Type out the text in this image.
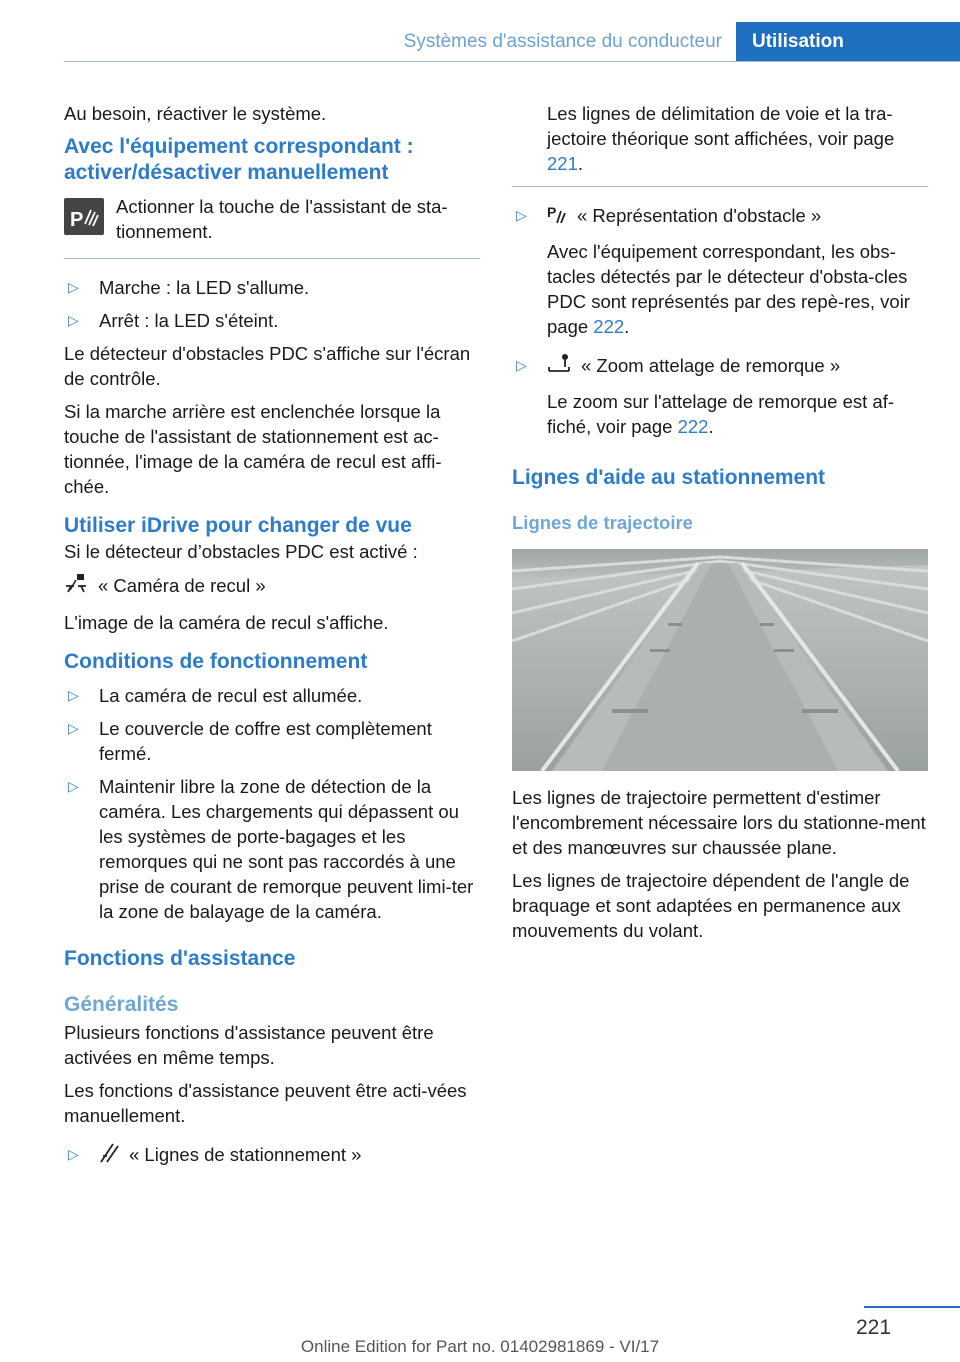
Systèmes d'assistance du conducteur	Utilisation

Au besoin, réactiver le système.

Avec l'équipement correspondant : activer/désactiver manuellement
P
Actionner la touche de l'assistant de sta‐tionnement.
▷ Marche : la LED s'allume.
▷ Arrêt : la LED s'éteint.

Le détecteur d'obstacles PDC s'affiche sur l'écran de contrôle.

Si la marche arrière est enclenchée lorsque la touche de l'assistant de stationnement est ac‐tionnée, l'image de la caméra de recul est affi‐chée.

Utiliser iDrive pour changer de vue

Si le détecteur d’obstacles PDC est activé :

« Caméra de recul »

L'image de la caméra de recul s'affiche.

Conditions de fonctionnement
▷ La caméra de recul est allumée.
▷ Le couvercle de coffre est complètement fermé.
▷ Maintenir libre la zone de détection de la caméra. Les chargements qui dépassent ou les systèmes de porte-bagages et les remorques qui ne sont pas raccordés à une prise de courant de remorque peuvent limi‐ter la zone de balayage de la caméra.
Fonctions d'assistance
Généralités

Plusieurs fonctions d'assistance peuvent être activées en même temps.

Les fonctions d'assistance peuvent être acti‐vées manuellement.

▷	« Lignes de stationnement »

Les lignes de délimitation de voie et la tra‐jectoire théorique sont affichées, voir page 221.

▷ P « Représentation d'obstacle »

Avec l'équipement correspondant, les obs‐tacles détectés par le détecteur d'obsta‐cles PDC sont représentés par des repè‐res, voir page 222.

▷	« Zoom attelage de remorque »

Le zoom sur l'attelage de remorque est af‐fiché, voir page 222.

Lignes d'aide au stationnement
Lignes de trajectoire

Les lignes de trajectoire permettent d'estimer l'encombrement nécessaire lors du stationne‐ment et des manœuvres sur chaussée plane.

Les lignes de trajectoire dépendent de l'angle de braquage et sont adaptées en permanence aux mouvements du volant.

221
Online Edition for Part no. 01402981869 - VI/17
